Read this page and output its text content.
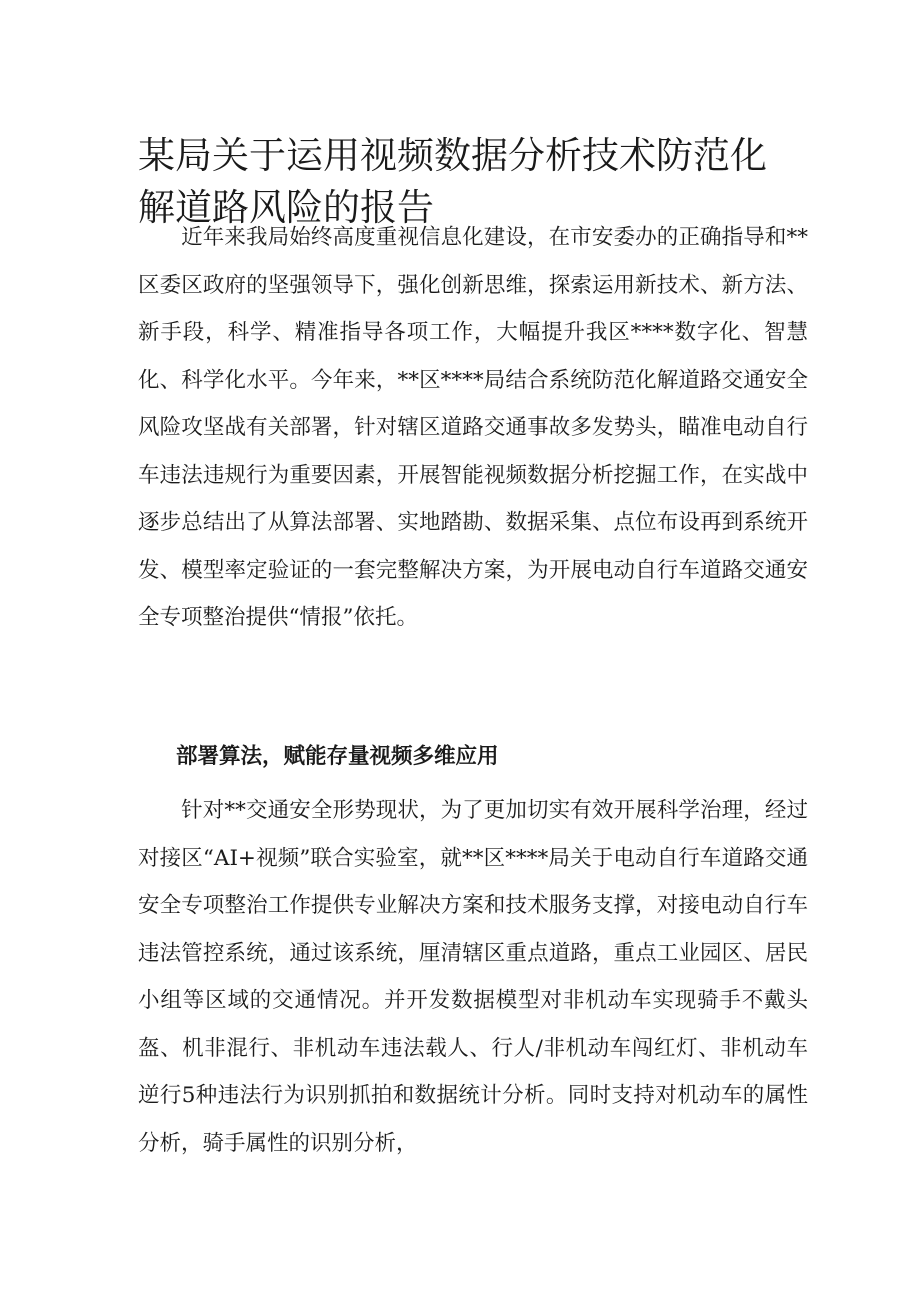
某局关于运用视频数据分析技术防范化解道路风险的报告

近年来我局始终高度重视信息化建设，在市安委办的正确指导和**区委区政府的坚强领导下，强化创新思维，探索运用新技术、新方法、新手段，科学、精准指导各项工作，大幅提升我区****数字化、智慧化、科学化水平。今年来，**区****局结合系统防范化解道路交通安全风险攻坚战有关部署，针对辖区道路交通事故多发势头，瞄准电动自行车违法违规行为重要因素，开展智能视频数据分析挖掘工作，在实战中逐步总结出了从算法部署、实地踏勘、数据采集、点位布设再到系统开发、模型率定验证的一套完整解决方案，为开展电动自行车道路交通安全专项整治提供“情报”依托。

部署算法，赋能存量视频多维应用

针对**交通安全形势现状，为了更加切实有效开展科学治理，经过对接区“AI+视频”联合实验室，就**区****局关于电动自行车道路交通安全专项整治工作提供专业解决方案和技术服务支撑，对接电动自行车违法管控系统，通过该系统，厘清辖区重点道路，重点工业园区、居民小组等区域的交通情况。并开发数据模型对非机动车实现骑手不戴头盔、机非混行、非机动车违法载人、行人/非机动车闯红灯、非机动车逆行5种违法行为识别抓拍和数据统计分析。同时支持对机动车的属性分析，骑手属性的识别分析，
